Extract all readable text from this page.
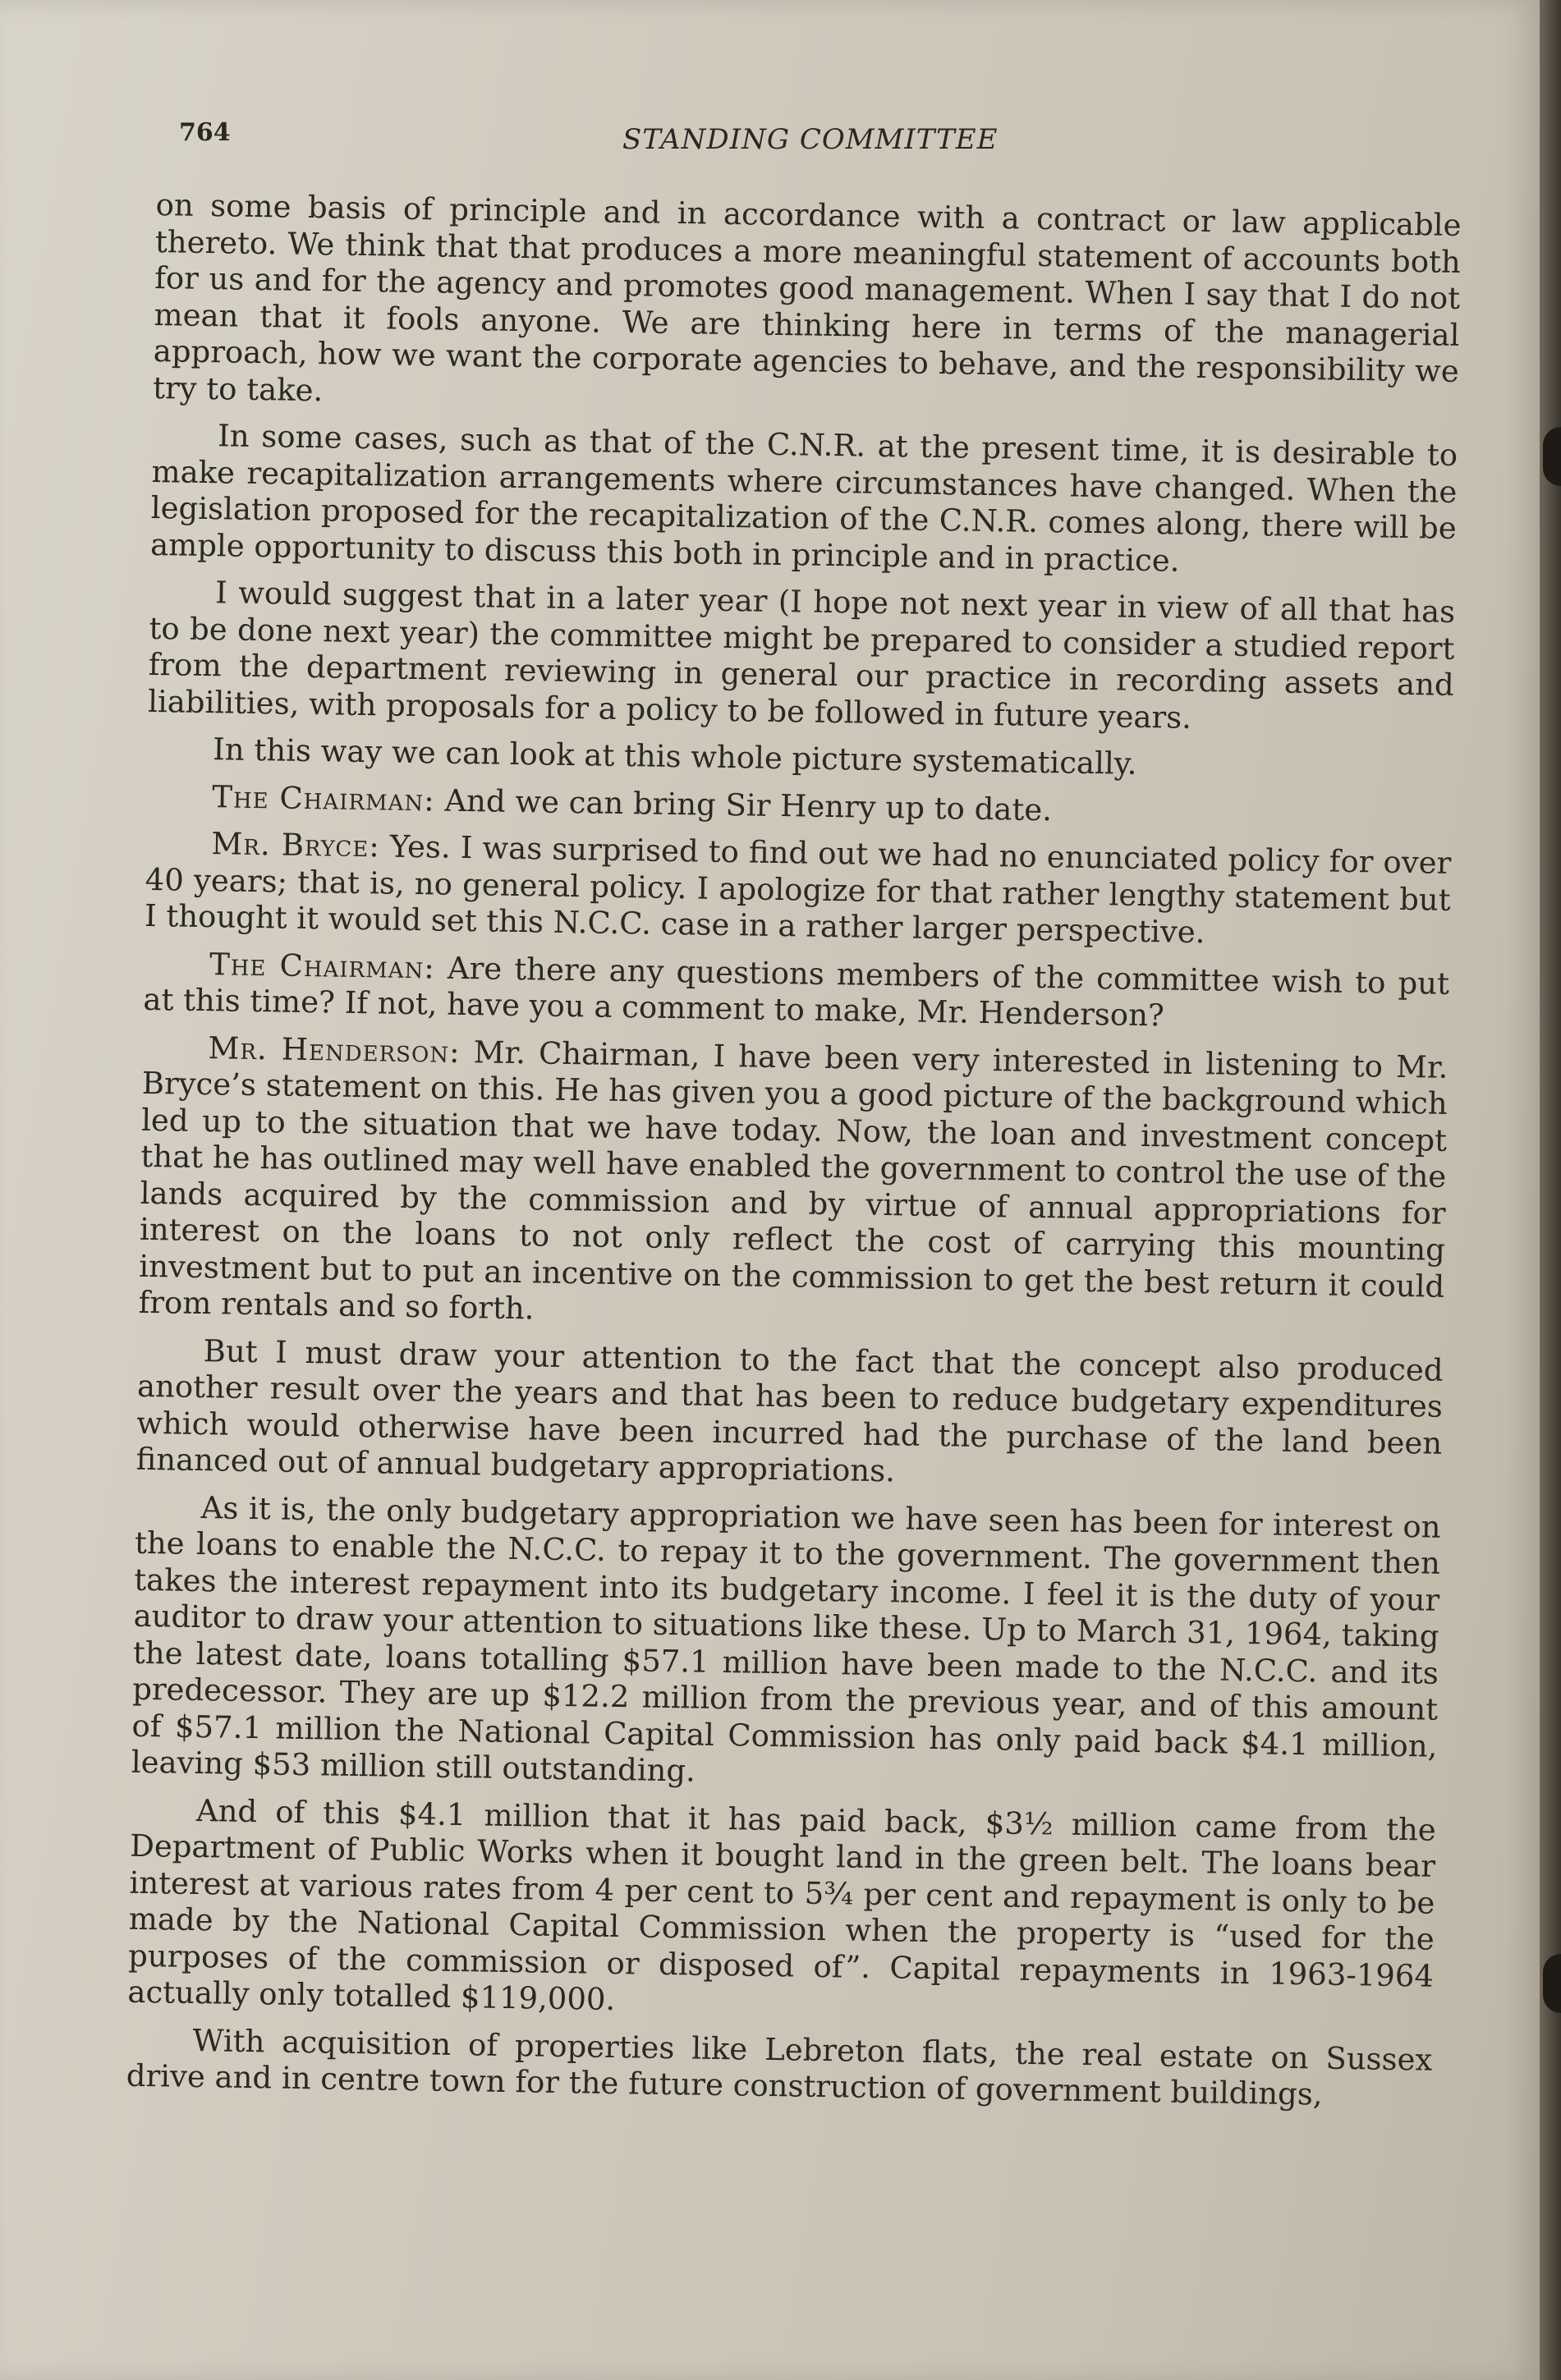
764	STANDING COMMITTEE

on some basis of principle and in accordance with a contract or law applicable thereto. We think that that produces a more meaningful statement of accounts both for us and for the agency and promotes good management. When I say that I do not mean that it fools anyone. We are thinking here in terms of the managerial approach, how we want the corporate agencies to behave, and the responsibility we try to take.

In some cases, such as that of the C.N.R. at the present time, it is desirable to make recapitalization arrangements where circumstances have changed. When the legislation proposed for the recapitalization of the C.N.R. comes along, there will be ample opportunity to discuss this both in principle and in practice.

I would suggest that in a later year (I hope not next year in view of all that has to be done next year) the committee might be prepared to consider a studied report from the department reviewing in general our practice in recording assets and liabilities, with proposals for a policy to be followed in future years.

In this way we can look at this whole picture systematically.

The Chairman: And we can bring Sir Henry up to date.

Mr. Bryce: Yes. I was surprised to find out we had no enunciated policy for over 40 years; that is, no general policy. I apologize for that rather lengthy statement but I thought it would set this N.C.C. case in a rather larger perspective.

The Chairman: Are there any questions members of the committee wish to put at this time? If not, have you a comment to make, Mr. Henderson?

Mr. Henderson: Mr. Chairman, I have been very interested in listening to Mr. Bryce’s statement on this. He has given you a good picture of the background which led up to the situation that we have today. Now, the loan and investment concept that he has outlined may well have enabled the government to control the use of the lands acquired by the commission and by virtue of annual appropriations for interest on the loans to not only reflect the cost of carrying this mounting investment but to put an incentive on the commission to get the best return it could from rentals and so forth.

But I must draw your attention to the fact that the concept also produced another result over the years and that has been to reduce budgetary expenditures which would otherwise have been incurred had the purchase of the land been financed out of annual budgetary appropriations.

As it is, the only budgetary appropriation we have seen has been for interest on the loans to enable the N.C.C. to repay it to the government. The government then takes the interest repayment into its budgetary income. I feel it is the duty of your auditor to draw your attention to situations like these. Up to March 31, 1964, taking the latest date, loans totalling $57.1 million have been made to the N.C.C. and its predecessor. They are up $12.2 million from the previous year, and of this amount of $57.1 million the National Capital Commission has only paid back $4.1 million, leaving $53 million still outstanding.

And of this $4.1 million that it has paid back, $3½ million came from the Department of Public Works when it bought land in the green belt. The loans bear interest at various rates from 4 per cent to 5¾ per cent and repayment is only to be made by the National Capital Commission when the property is “used for the purposes of the commission or disposed of”. Capital repayments in 1963-1964 actually only totalled $119,000.

With acquisition of properties like Lebreton flats, the real estate on Sussex drive and in centre town for the future construction of government buildings,
